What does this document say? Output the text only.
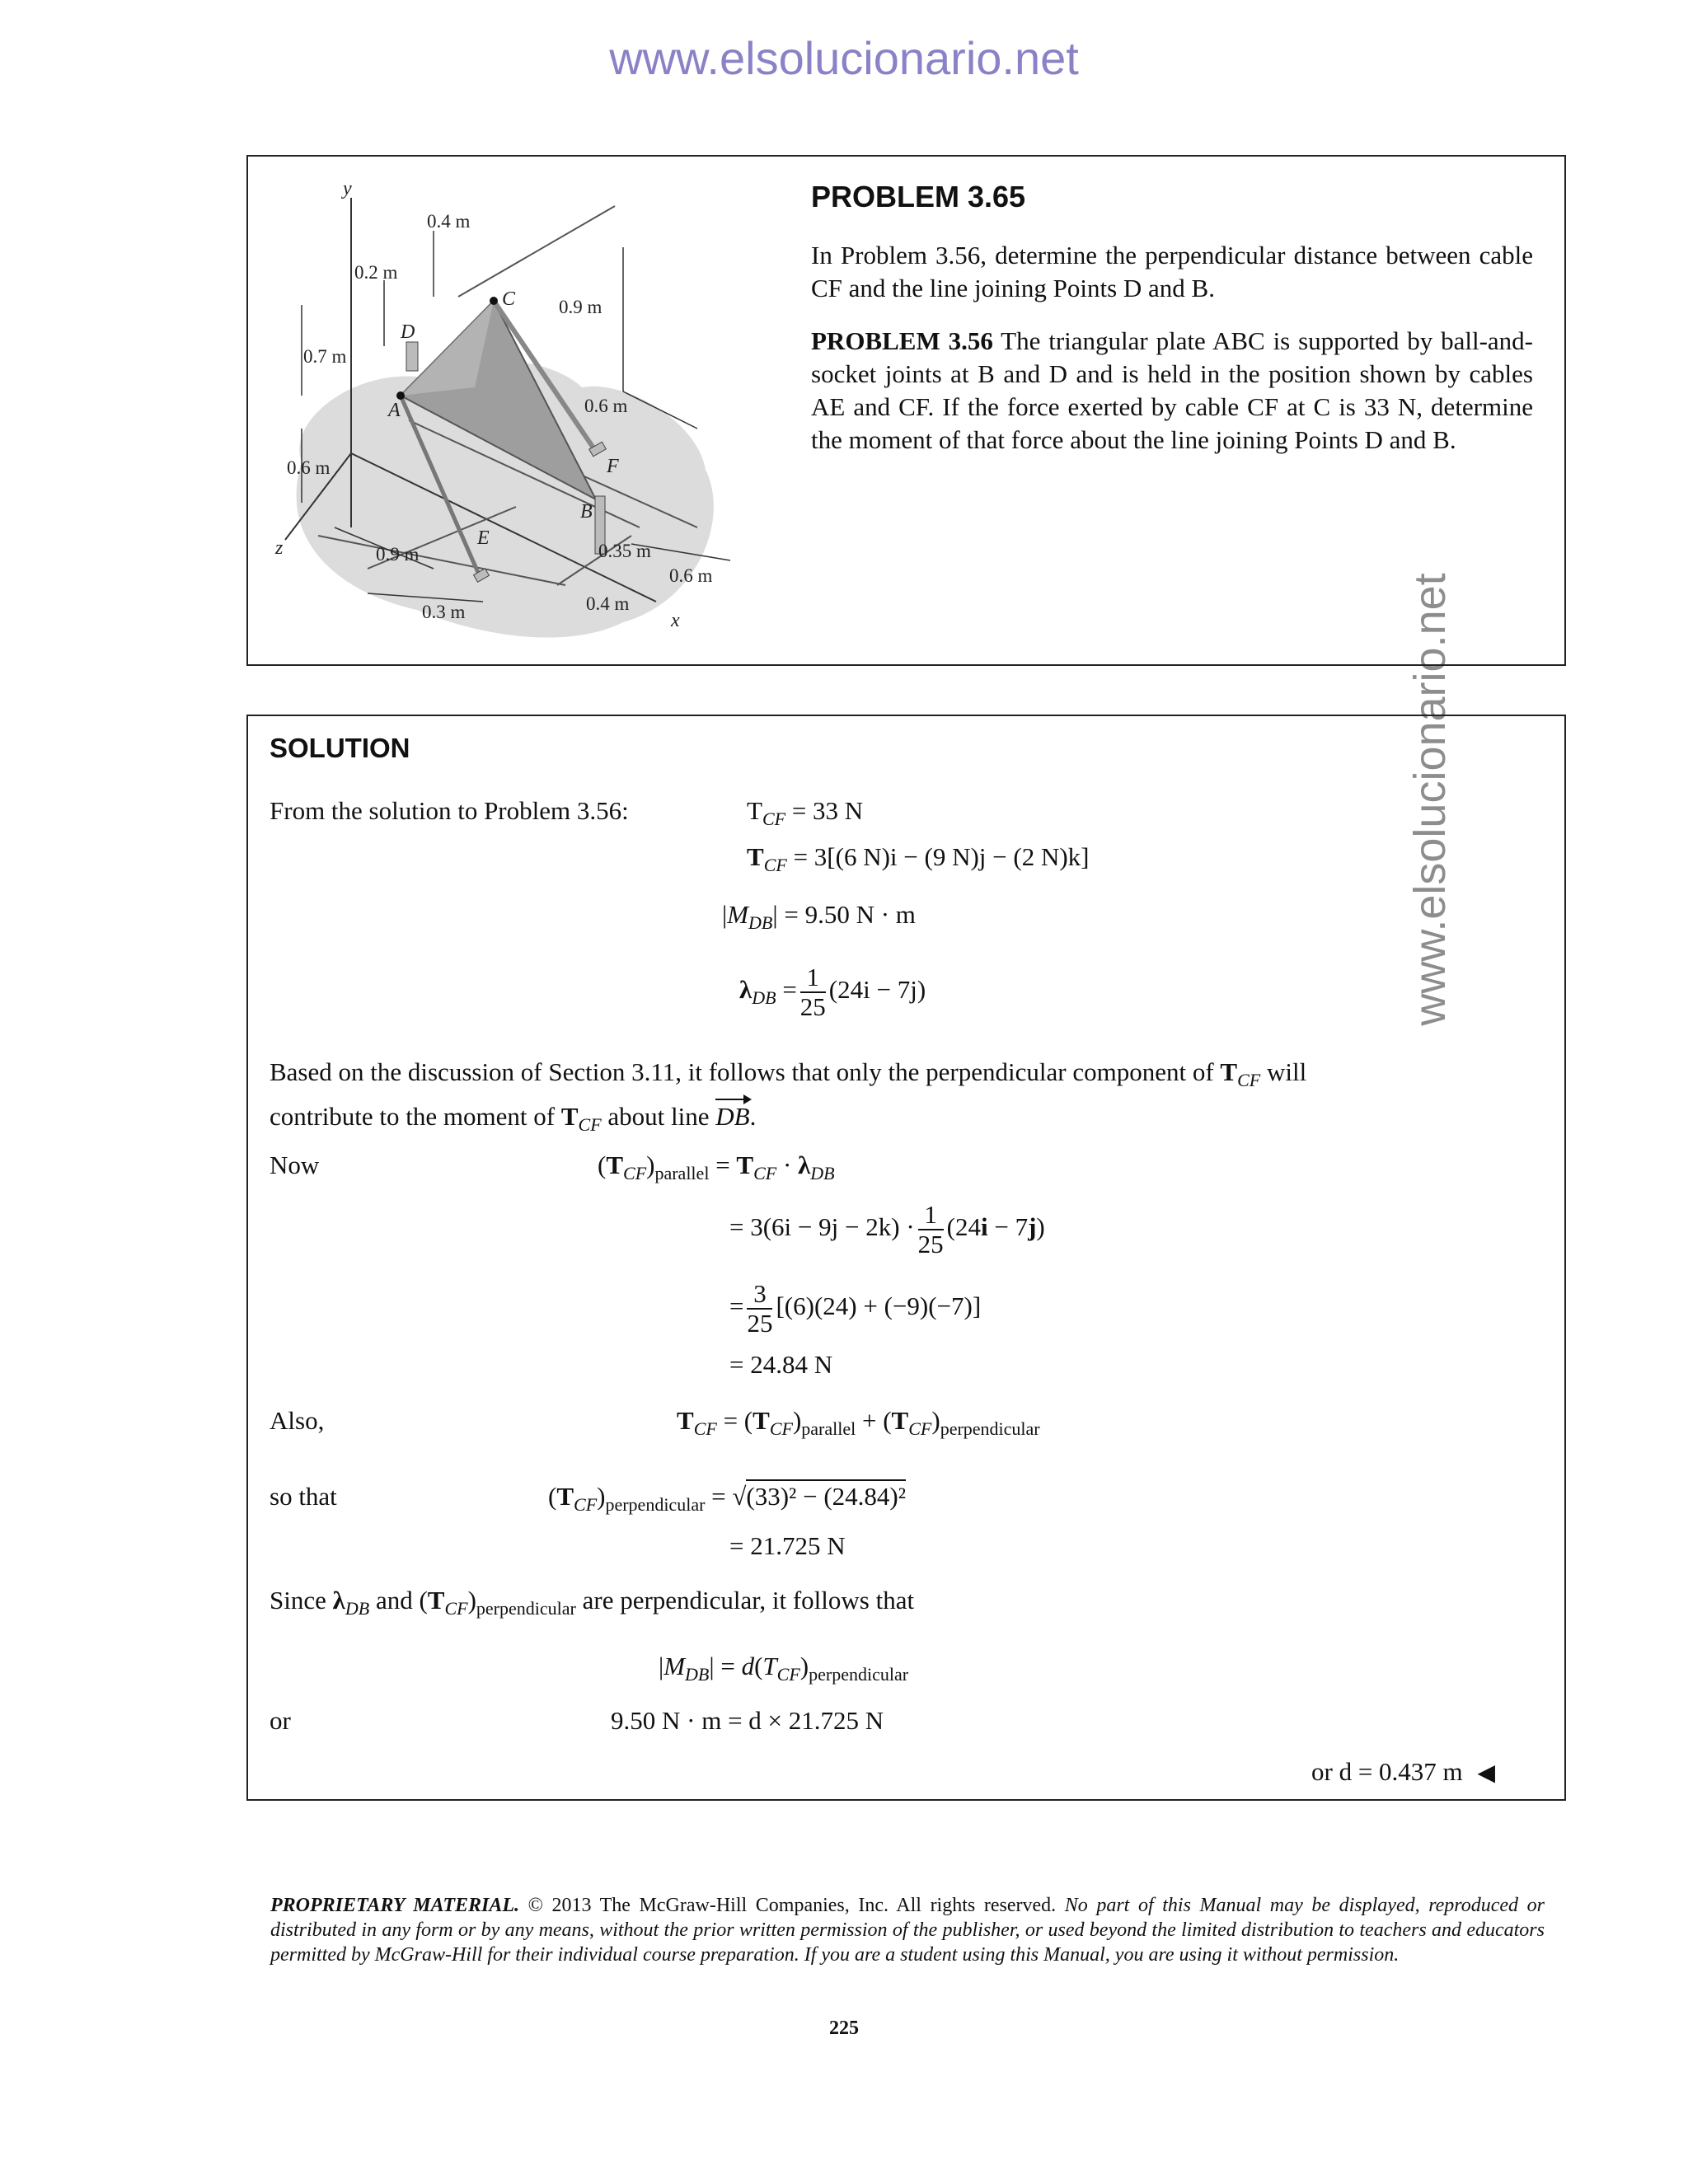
www.elsolucionario.net
www.elsolucionario.net
y
z
x
A
B
C
D
E
F
0.4 m
0.2 m
0.7 m
0.9 m
0.6 m
0.6 m
0.9 m	0.35 m
0.6 m
0.3 m	0.4 m
PROBLEM 3.65

In Problem 3.56, determine the perpendicular distance between cable CF and the line joining Points D and B.

PROBLEM 3.56 The triangular plate ABC is supported by ball-and-socket joints at B and D and is held in the position shown by cables AE and CF. If the force exerted by cable CF at C is 33 N, determine the moment of that force about the line joining Points D and B.

SOLUTION
From the solution to Problem 3.56:	$T_{CF} = 33$ N
$T_{CF} = 3[(6$ N)i − (9 N)j − (2 N)k]
$|M_{DB}| = 9.50$ N · m
$\lambda_{DB} = \frac{1}{25} (24i - 7j)$
Based on the discussion of Section 3.11, it follows that only the perpendicular component of $T_{CF}$ will
contribute to the moment of $T_{CF}$ about line DB.
Now	$(T_{CF})_{parallel} = T_{CF} \cdot \lambda_{DB}$
= $3(6i - 9j - 2k) \cdot \frac{1}{25} (24i - 7j)$
= $\frac{3}{25} [(6)(24) + (-9)(-7)]$
= 24.84 N
Also,	$T_{CF} = (T_{CF})_{parallel} + (T_{CF})_{perpendicular}$
so that	$(T_{CF})_{perpendicular} = √(33)^2 - (24.84)^2$
= 21.725 N
Since $\lambda_{DB}$ and $(T_{CF})_{perpendicular}$ are perpendicular, it follows that
$|M_{DB}| = d(T_{CF})_{perpendicular}$
or	9.50 N · m = d × 21.725 N
or d = 0.437 m ◀
PROPRIETARY MATERIAL. © 2013 The McGraw-Hill Companies, Inc. All rights reserved. No part of this Manual may be displayed, reproduced or distributed in any form or by any means, without the prior written permission of the publisher, or used beyond the limited distribution to teachers and educators permitted by McGraw-Hill for their individual course preparation. If you are a student using this Manual, you are using it without permission.
225
